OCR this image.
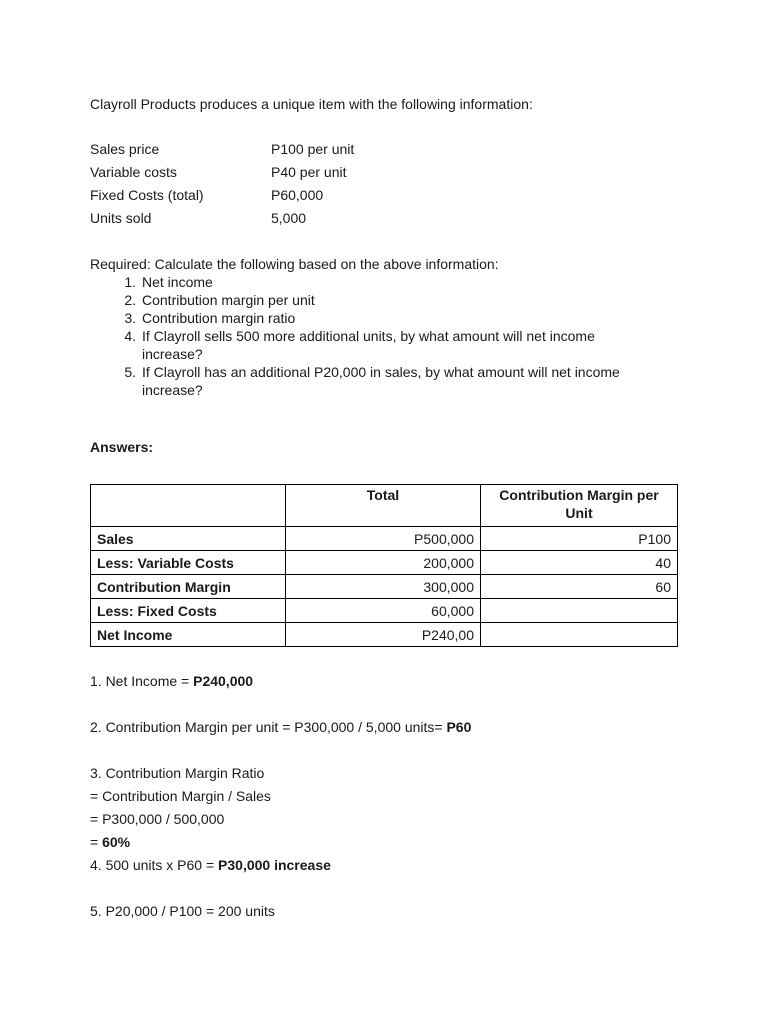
Clayroll Products produces a unique item with the following information:

Sales price	P100 per unit
Variable costs	P40 per unit
Fixed Costs (total)	P60,000
Units sold	5,000

Required: Calculate the following based on the above information:

1. Net income
2. Contribution margin per unit
3. Contribution margin ratio
4. If Clayroll sells 500 more additional units, by what amount will net income increase?
5. If Clayroll has an additional P20,000 in sales, by what amount will net income increase?

Answers:

	Total	Contribution Margin per Unit
Sales	P500,000	P100
Less: Variable Costs	200,000	40
Contribution Margin	300,000	60
Less: Fixed Costs	60,000	
Net Income	P240,00	

1. Net Income = P240,000

2. Contribution Margin per unit = P300,000 / 5,000 units= P60

3. Contribution Margin Ratio

= Contribution Margin / Sales

= P300,000 / 500,000

= 60%

4. 500 units x P60 = P30,000 increase

5. P20,000 / P100 = 200 units
